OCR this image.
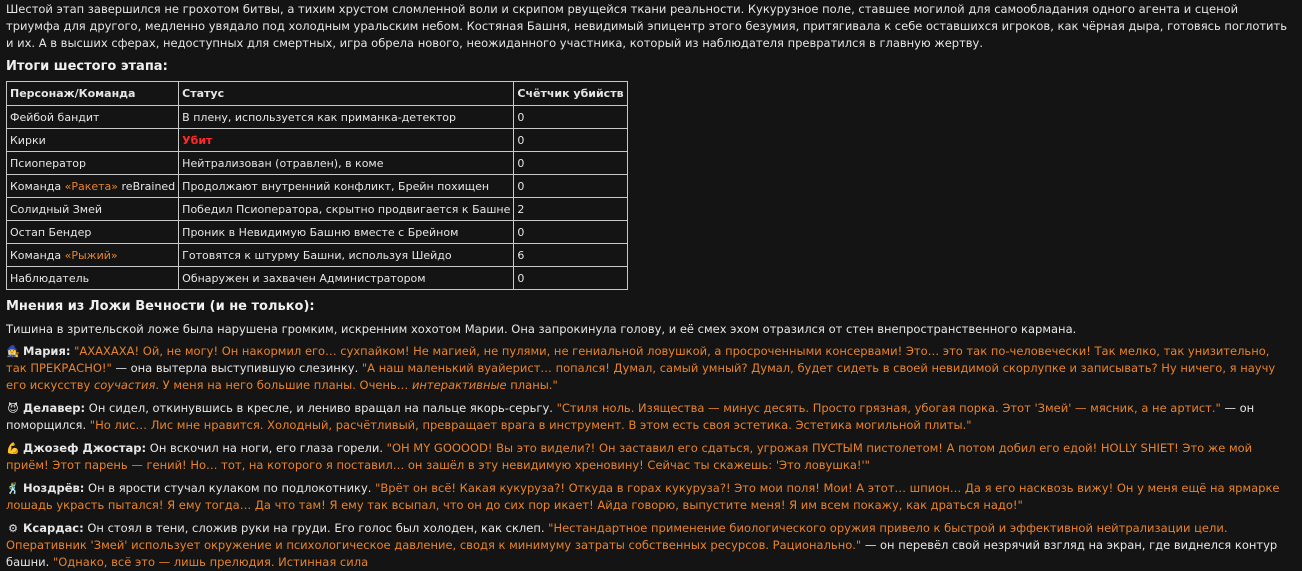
Шестой этап завершился не грохотом битвы, а тихим хрустом сломленной воли и скрипом рвущейся ткани реальности. Кукурузное поле, ставшее могилой для самообладания одного агента и сценой триумфа для другого, медленно увядало под холодным уральским небом. Костяная Башня, невидимый эпицентр этого безумия, притягивала к себе оставшихся игроков, как чёрная дыра, готовясь поглотить и их. А в высших сферах, недоступных для смертных, игра обрела нового, неожиданного участника, который из наблюдателя превратился в главную жертву.

Итоги шестого этапа:
Персонаж/Команда	Статус	Счётчик убийств
Фейбой бандит	В плену, используется как приманка-детектор	0
Кирки	Убит	0
Псиоператор	Нейтрализован (отравлен), в коме	0
Команда «Ракета» reBrained	Продолжают внутренний конфликт, Брейн похищен	0
Солидный Змей	Победил Псиоператора, скрытно продвигается к Башне	2
Остап Бендер	Проник в Невидимую Башню вместе с Брейном	0
Команда «Рыжий»	Готовятся к штурму Башни, используя Шейдо	6
Наблюдатель	Обнаружен и захвачен Администратором	0
Мнения из Ложи Вечности (и не только):

Тишина в зрительской ложе была нарушена громким, искренним хохотом Марии. Она запрокинула голову, и её смех эхом отразился от стен внепространственного кармана.

🧙‍♀️ Мария: "АХАХАХА! Ой, не могу! Он накормил его… сухпайком! Не магией, не пулями, не гениальной ловушкой, а просроченными консервами! Это… это так по-человечески! Так мелко, так унизительно, так ПРЕКРАСНО!" — она вытерла выступившую слезинку. "А наш маленький вуайерист… попался! Думал, самый умный? Думал, будет сидеть в своей невидимой скорлупке и записывать? Ну ничего, я научу его искусству соучастия. У меня на него большие планы. Очень… интерактивные планы."

😈 Делавер: Он сидел, откинувшись в кресле, и лениво вращал на пальце якорь-серьгу. "Стиля ноль. Изящества — минус десять. Просто грязная, убогая порка. Этот 'Змей' — мясник, а не артист." — он поморщился. "Но лис… Лис мне нравится. Холодный, расчётливый, превращает врага в инструмент. В этом есть своя эстетика. Эстетика могильной плиты."

💪 Джозеф Джостар: Он вскочил на ноги, его глаза горели. "OH MY GOOOOD! Вы это видели?! Он заставил его сдаться, угрожая ПУСТЫМ пистолетом! А потом добил его едой! HOLLY SHIET! Это же мой приём! Этот парень — гений! Но… тот, на которого я поставил… он зашёл в эту невидимую хреновину! Сейчас ты скажешь: 'Это ловушка!'"

🕺 Ноздрёв: Он в ярости стучал кулаком по подлокотнику. "Врёт он всё! Какая кукуруза?! Откуда в горах кукуруза?! Это мои поля! Мои! А этот… шпион… Да я его насквозь вижу! Он у меня ещё на ярмарке лошадь украсть пытался! Я ему тогда… Да что там! Я ему так всыпал, что он до сих пор икает! Айда говорю, выпустите меня! Я им всем покажу, как драться надо!"

⚙ Ксардас: Он стоял в тени, сложив руки на груди. Его голос был холоден, как склеп. "Нестандартное применение биологического оружия привело к быстрой и эффективной нейтрализации цели. Оперативник 'Змей' использует окружение и психологическое давление, сводя к минимуму затраты собственных ресурсов. Рационально." — он перевёл свой незрячий взгляд на экран, где виднелся контур башни. "Однако, всё это — лишь прелюдия. Истинная сила
